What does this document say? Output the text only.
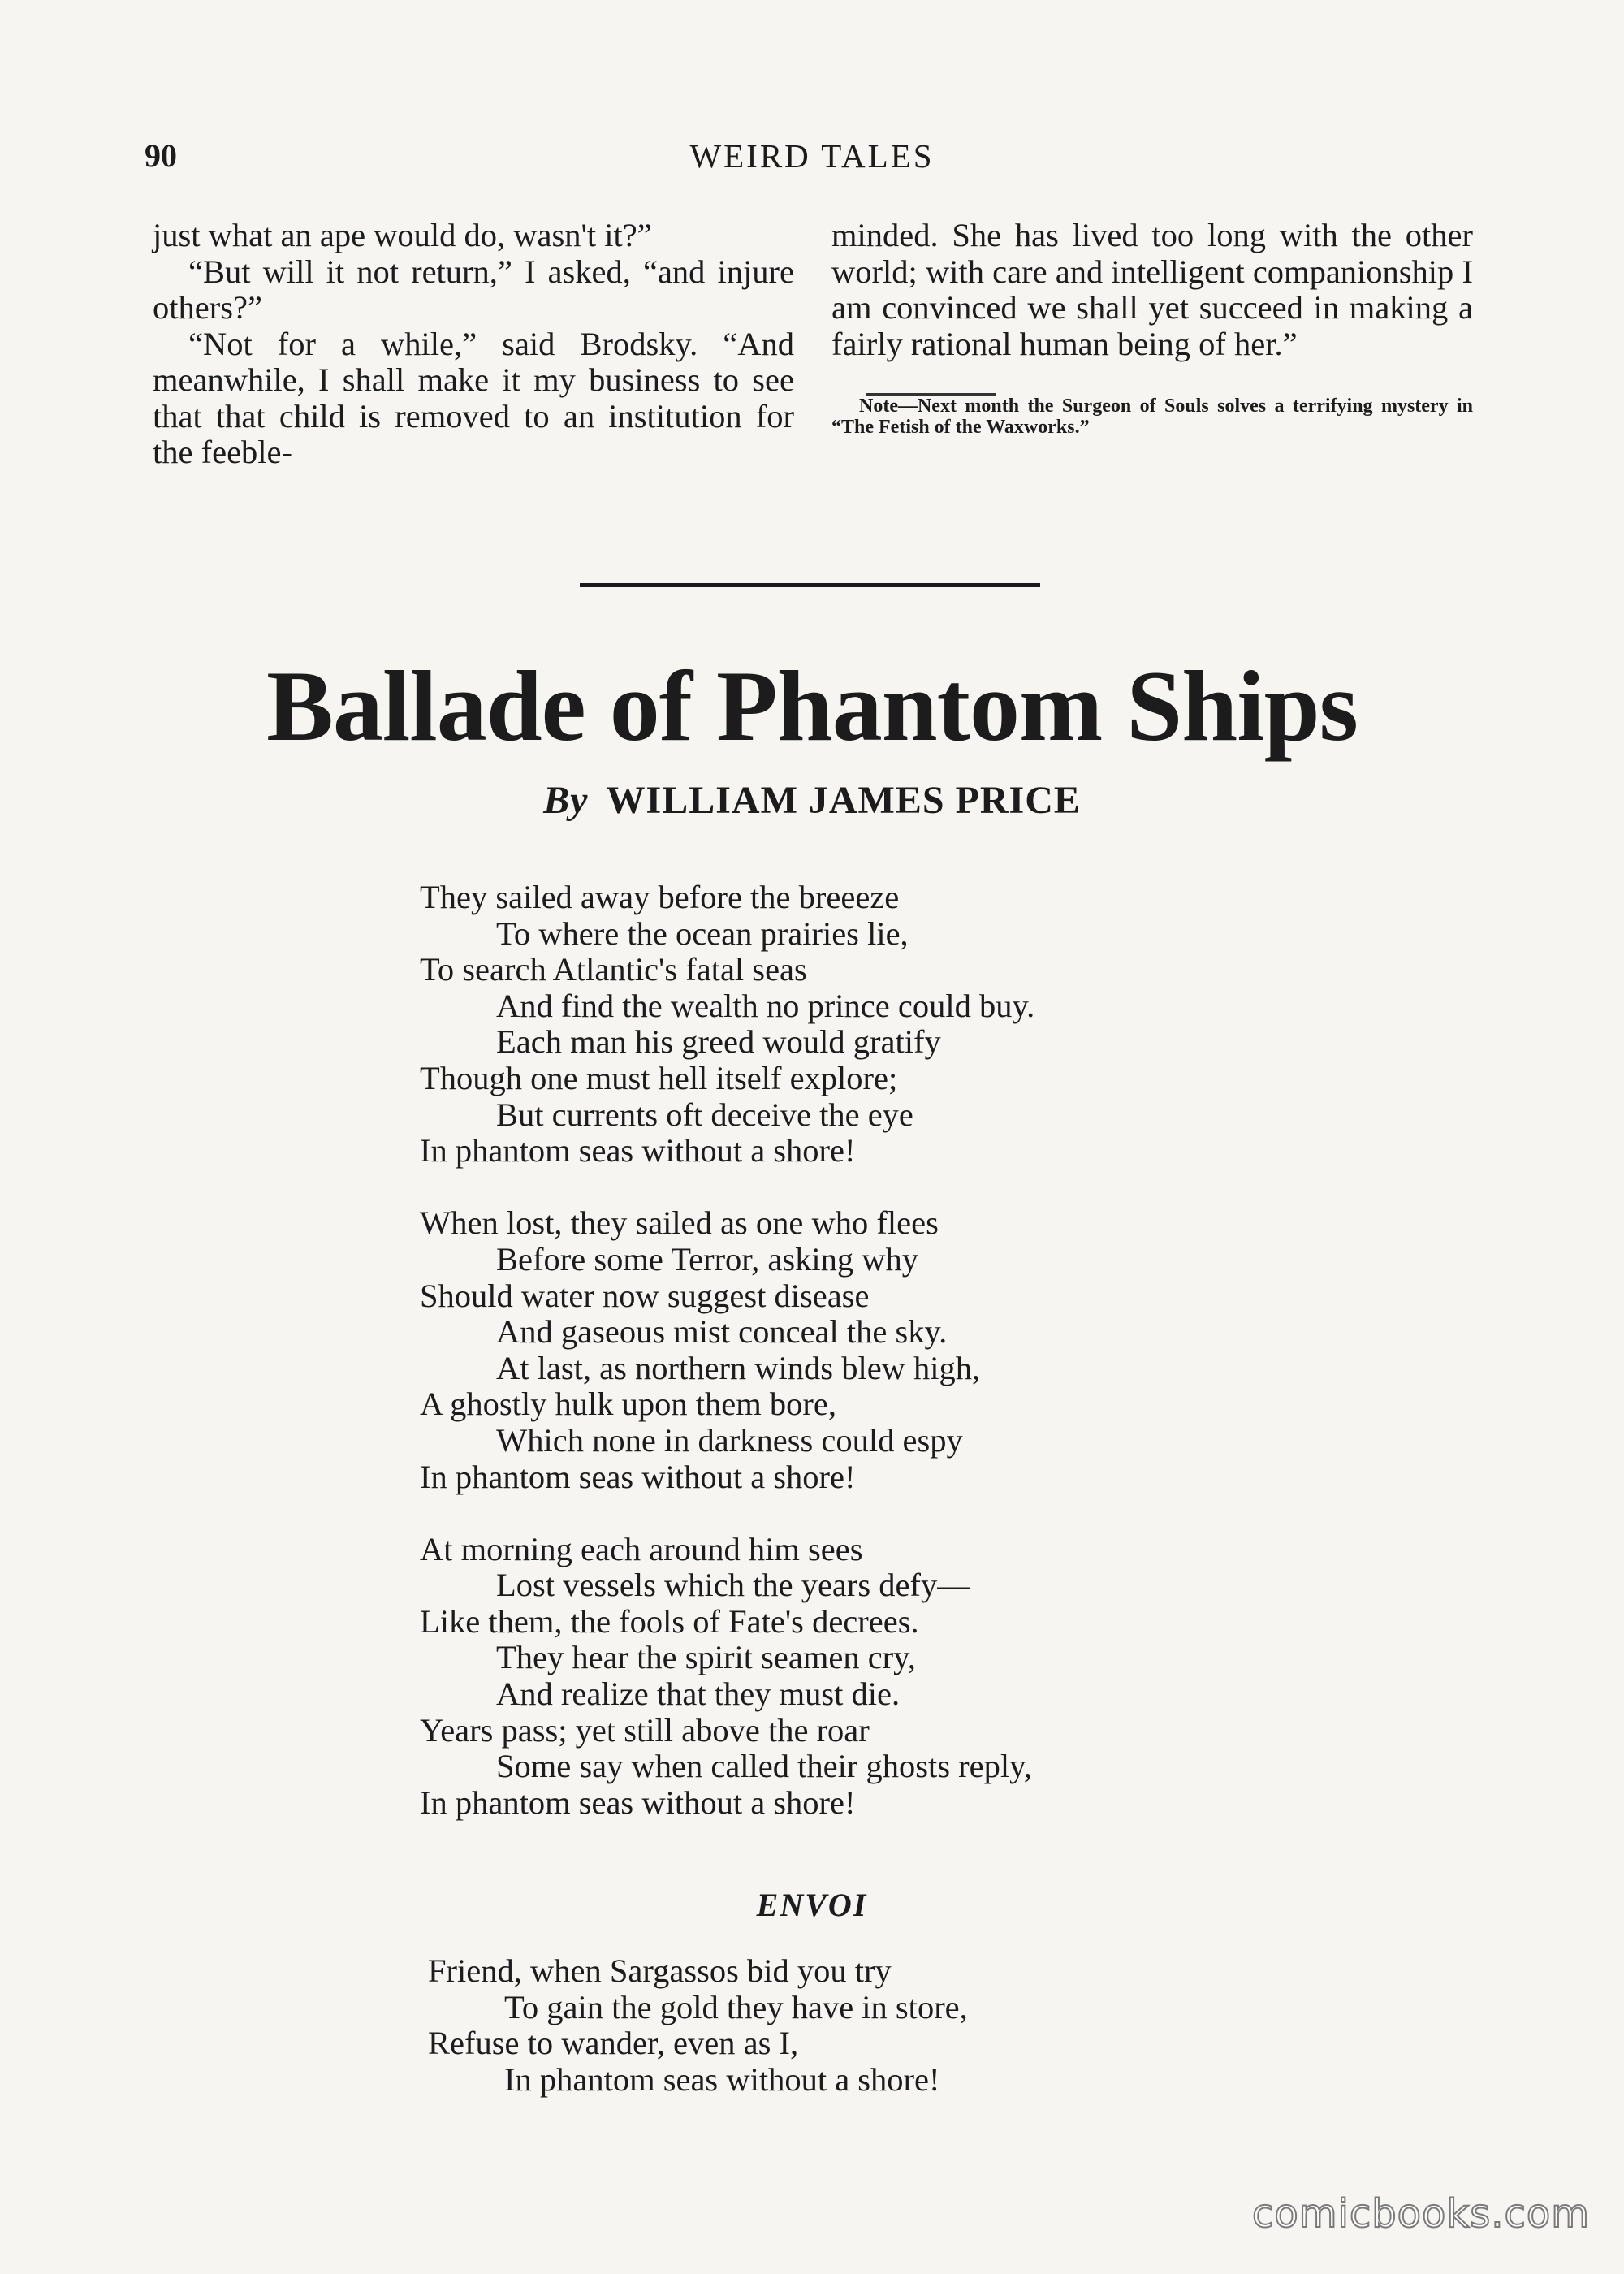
90	WEIRD TALES

just what an ape would do, wasn't it?”

“But will it not return,” I asked, “and injure others?”

“Not for a while,” said Brodsky. “And meanwhile, I shall make it my business to see that that child is removed to an institution for the feeble-

minded. She has lived too long with the other world; with care and intelligent companionship I am convinced we shall yet succeed in making a fairly rational human being of her.”

Note—Next month the Surgeon of Souls solves a terrifying mystery in “The Fetish of the Waxworks.”

Ballade of Phantom Ships
By WILLIAM JAMES PRICE
They sailed away before the breeeze
To where the ocean prairies lie,
To search Atlantic's fatal seas
And find the wealth no prince could buy.
Each man his greed would gratify
Though one must hell itself explore;
But currents oft deceive the eye
In phantom seas without a shore!
When lost, they sailed as one who flees
Before some Terror, asking why
Should water now suggest disease
And gaseous mist conceal the sky.
At last, as northern winds blew high,
A ghostly hulk upon them bore,
Which none in darkness could espy
In phantom seas without a shore!
At morning each around him sees
Lost vessels which the years defy—
Like them, the fools of Fate's decrees.
They hear the spirit seamen cry,
And realize that they must die.
Years pass; yet still above the roar
Some say when called their ghosts reply,
In phantom seas without a shore!
ENVOI
Friend, when Sargassos bid you try
To gain the gold they have in store,
Refuse to wander, even as I,
In phantom seas without a shore!
comicbooks.com
